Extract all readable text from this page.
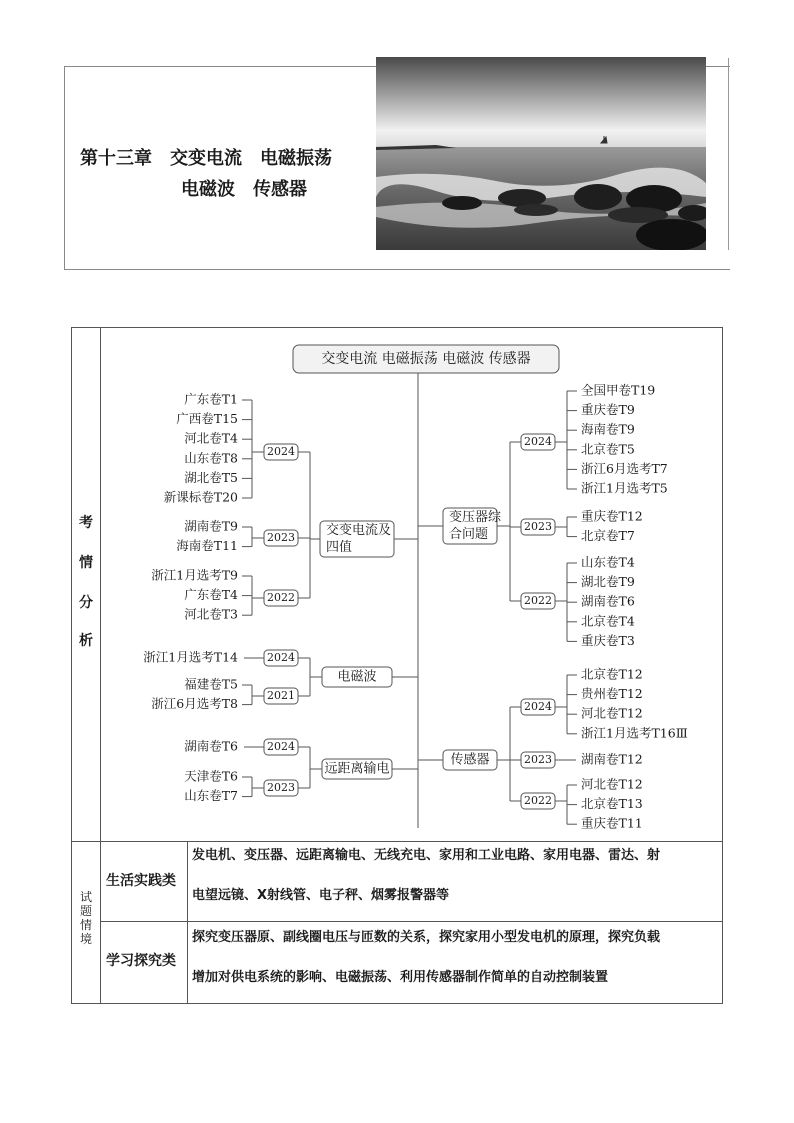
第十三章　交变电流　电磁振荡
电磁波　传感器
考
情
分
析
试
题
情
境
生活实践类
发电机、变压器、远距离输电、无线充电、家用和工业电路、家用电器、雷达、射
电望远镜、X射线管、电子秤、烟雾报警器等
学习探究类
探究变压器原、副线圈电压与匝数的关系，探究家用小型发电机的原理，探究负载
增加对供电系统的影响、电磁振荡、利用传感器制作简单的自动控制装置
交变电流 电磁振荡 电磁波 传感器
交变电流及
四值
2024
广东卷T1
广西卷T15
河北卷T4
山东卷T8
湖北卷T5
新课标卷T20
2023
湖南卷T9
海南卷T11
2022
浙江1月选考T9
广东卷T4
河北卷T3
电磁波
2024
浙江1月选考T14
2021
福建卷T5
浙江6月选考T8
远距离输电
2024
湖南卷T6
2023
天津卷T6
山东卷T7
变压器综
合问题
2024
全国甲卷T19
重庆卷T9
海南卷T9
北京卷T5
浙江6月选考T7
浙江1月选考T5
2023
重庆卷T12
北京卷T7
2022
山东卷T4
湖北卷T9
湖南卷T6
北京卷T4
重庆卷T3
传感器
2024
北京卷T12
贵州卷T12
河北卷T12
浙江1月选考T16Ⅲ
2023 湖南卷T12
2022
河北卷T12
北京卷T13
重庆卷T11
